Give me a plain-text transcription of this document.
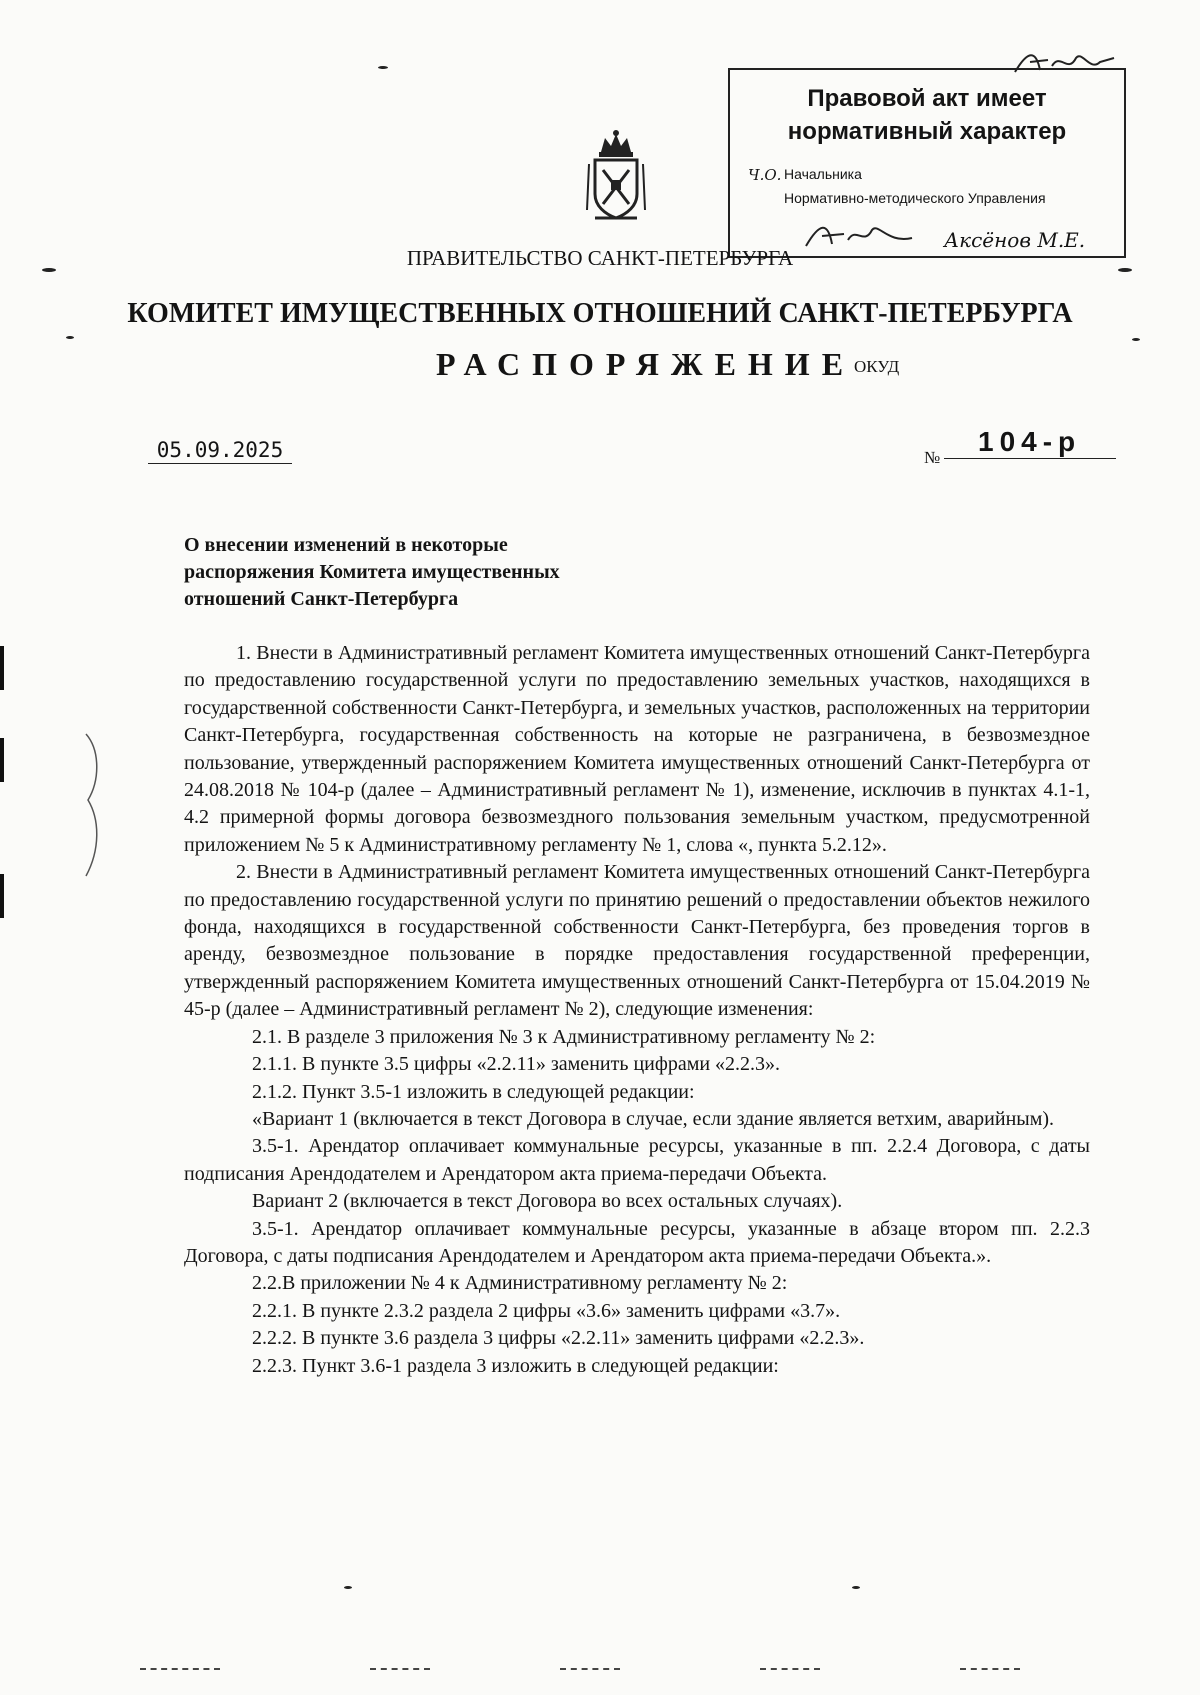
Правовой акт имеет
нормативный характер
Ч.О. Начальника
Нормативно-методического Управления
Аксёнов М.Е.
ПРАВИТЕЛЬСТВО САНКТ-ПЕТЕРБУРГА
КОМИТЕТ ИМУЩЕСТВЕННЫХ ОТНОШЕНИЙ САНКТ-ПЕТЕРБУРГА
РАСПОРЯЖЕНИЕ
ОКУД
05.09.2025	№
104-р
О внесении изменений в некоторые
распоряжения Комитета имущественных
отношений Санкт-Петербурга

1. Внести в Административный регламент Комитета имущественных отношений Санкт-Петербурга по предоставлению государственной услуги по предоставлению земельных участков, находящихся в государственной собственности Санкт-Петербурга, и земельных участков, расположенных на территории Санкт-Петербурга, государственная собственность на которые не разграничена, в безвозмездное пользование, утвержденный распоряжением Комитета имущественных отношений Санкт-Петербурга от 24.08.2018 № 104-р (далее – Административный регламент № 1), изменение, исключив в пунктах 4.1-1, 4.2 примерной формы договора безвозмездного пользования земельным участком, предусмотренной приложением № 5 к Административному регламенту № 1, слова «, пункта 5.2.12».

2. Внести в Административный регламент Комитета имущественных отношений Санкт-Петербурга по предоставлению государственной услуги по принятию решений о предоставлении объектов нежилого фонда, находящихся в государственной собственности Санкт-Петербурга, без проведения торгов в аренду, безвозмездное пользование в порядке предоставления государственной преференции, утвержденный распоряжением Комитета имущественных отношений Санкт-Петербурга от 15.04.2019 № 45-р (далее – Административный регламент № 2), следующие изменения:

2.1. В разделе 3 приложения № 3 к Административному регламенту № 2:

2.1.1. В пункте 3.5 цифры «2.2.11» заменить цифрами «2.2.3».

2.1.2. Пункт 3.5-1 изложить в следующей редакции:

«Вариант 1 (включается в текст Договора в случае, если здание является ветхим, аварийным).

3.5-1. Арендатор оплачивает коммунальные ресурсы, указанные в пп. 2.2.4 Договора, с даты подписания Арендодателем и Арендатором акта приема-передачи Объекта.

Вариант 2 (включается в текст Договора во всех остальных случаях).

3.5-1. Арендатор оплачивает коммунальные ресурсы, указанные в абзаце втором пп. 2.2.3 Договора, с даты подписания Арендодателем и Арендатором акта приема-передачи Объекта.».

2.2.В приложении № 4 к Административному регламенту № 2:

2.2.1. В пункте 2.3.2 раздела 2 цифры «3.6» заменить цифрами «3.7».

2.2.2. В пункте 3.6 раздела 3 цифры «2.2.11» заменить цифрами «2.2.3».

2.2.3. Пункт 3.6-1 раздела 3 изложить в следующей редакции:
